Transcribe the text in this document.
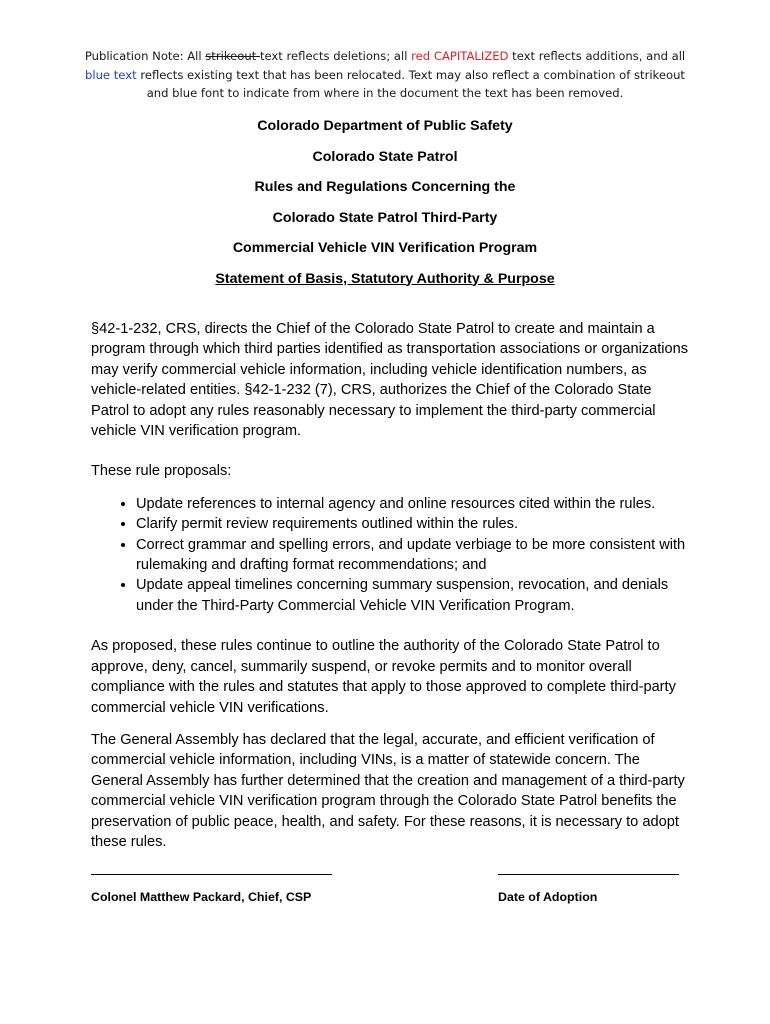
Publication Note: All strikeout text reflects deletions; all red CAPITALIZED text reflects additions, and all blue text reflects existing text that has been relocated. Text may also reflect a combination of strikeout and blue font to indicate from where in the document the text has been removed.
Colorado Department of Public Safety
Colorado State Patrol
Rules and Regulations Concerning the
Colorado State Patrol Third-Party
Commercial Vehicle VIN Verification Program
Statement of Basis, Statutory Authority & Purpose

§42-1-232, CRS, directs the Chief of the Colorado State Patrol to create and maintain a program through which third parties identified as transportation associations or organizations may verify commercial vehicle information, including vehicle identification numbers, as vehicle-related entities. §42-1-232 (7), CRS, authorizes the Chief of the Colorado State Patrol to adopt any rules reasonably necessary to implement the third-party commercial vehicle VIN verification program.

These rule proposals:

• Update references to internal agency and online resources cited within the rules.
• Clarify permit review requirements outlined within the rules.
• Correct grammar and spelling errors, and update verbiage to be more consistent with rulemaking and drafting format recommendations; and
• Update appeal timelines concerning summary suspension, revocation, and denials under the Third-Party Commercial Vehicle VIN Verification Program.

As proposed, these rules continue to outline the authority of the Colorado State Patrol to approve, deny, cancel, summarily suspend, or revoke permits and to monitor overall compliance with the rules and statutes that apply to those approved to complete third-party commercial vehicle VIN verifications.

The General Assembly has declared that the legal, accurate, and efficient verification of commercial vehicle information, including VINs, is a matter of statewide concern. The General Assembly has further determined that the creation and management of a third-party commercial vehicle VIN verification program through the Colorado State Patrol benefits the preservation of public peace, health, and safety. For these reasons, it is necessary to adopt these rules.

Colonel Matthew Packard, Chief, CSP	Date of Adoption
